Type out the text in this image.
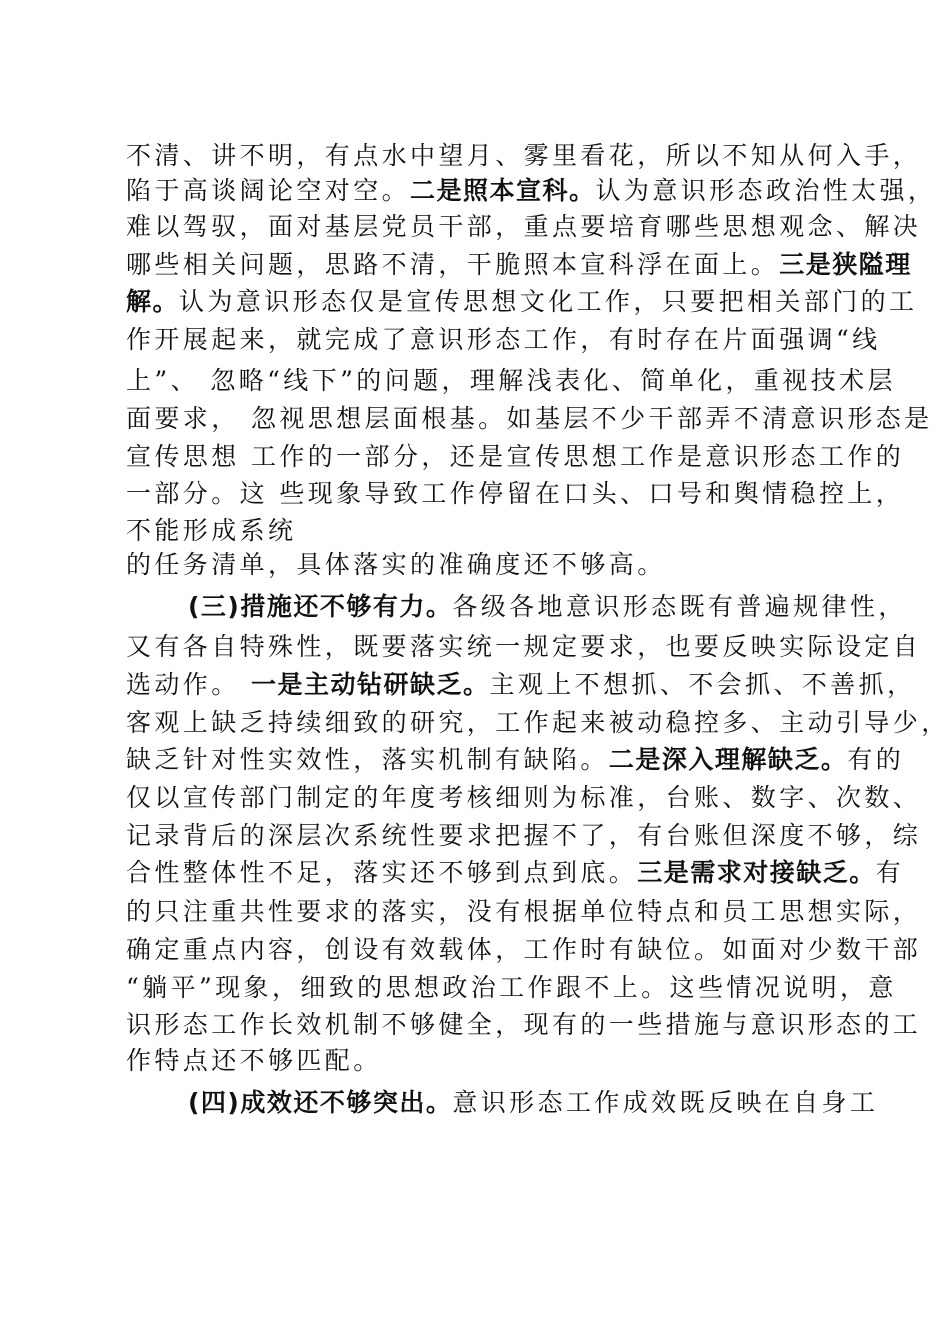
不清、讲不明，有点水中望月、雾里看花，所以不知从何入手，
陷于高谈阔论空对空。二是照本宣科。认为意识形态政治性太强，
难以驾驭，面对基层党员干部，重点要培育哪些思想观念、解决
哪些相关问题，思路不清，干脆照本宣科浮在面上。三是狭隘理
解。认为意识形态仅是宣传思想文化工作，只要把相关部门的工
作开展起来，就完成了意识形态工作，有时存在片面强调“线
上”、 忽略“线下”的问题，理解浅表化、简单化，重视技术层
面要求， 忽视思想层面根基。如基层不少干部弄不清意识形态是
宣传思想 工作的一部分，还是宣传思想工作是意识形态工作的
一部分。这 些现象导致工作停留在口头、口号和舆情稳控上，
不能形成系统
的任务清单，具体落实的准确度还不够高。
(三)措施还不够有力。各级各地意识形态既有普遍规律性，
又有各自特殊性，既要落实统一规定要求，也要反映实际设定自
选动作。 一是主动钻研缺乏。主观上不想抓、不会抓、不善抓，
客观上缺乏持续细致的研究，工作起来被动稳控多、主动引导少，
缺乏针对性实效性，落实机制有缺陷。二是深入理解缺乏。有的
仅以宣传部门制定的年度考核细则为标准，台账、数字、次数、
记录背后的深层次系统性要求把握不了，有台账但深度不够，综
合性整体性不足，落实还不够到点到底。三是需求对接缺乏。有
的只注重共性要求的落实，没有根据单位特点和员工思想实际，
确定重点内容，创设有效载体，工作时有缺位。如面对少数干部
“躺平”现象，细致的思想政治工作跟不上。这些情况说明，意
识形态工作长效机制不够健全，现有的一些措施与意识形态的工
作特点还不够匹配。
(四)成效还不够突出。意识形态工作成效既反映在自身工
